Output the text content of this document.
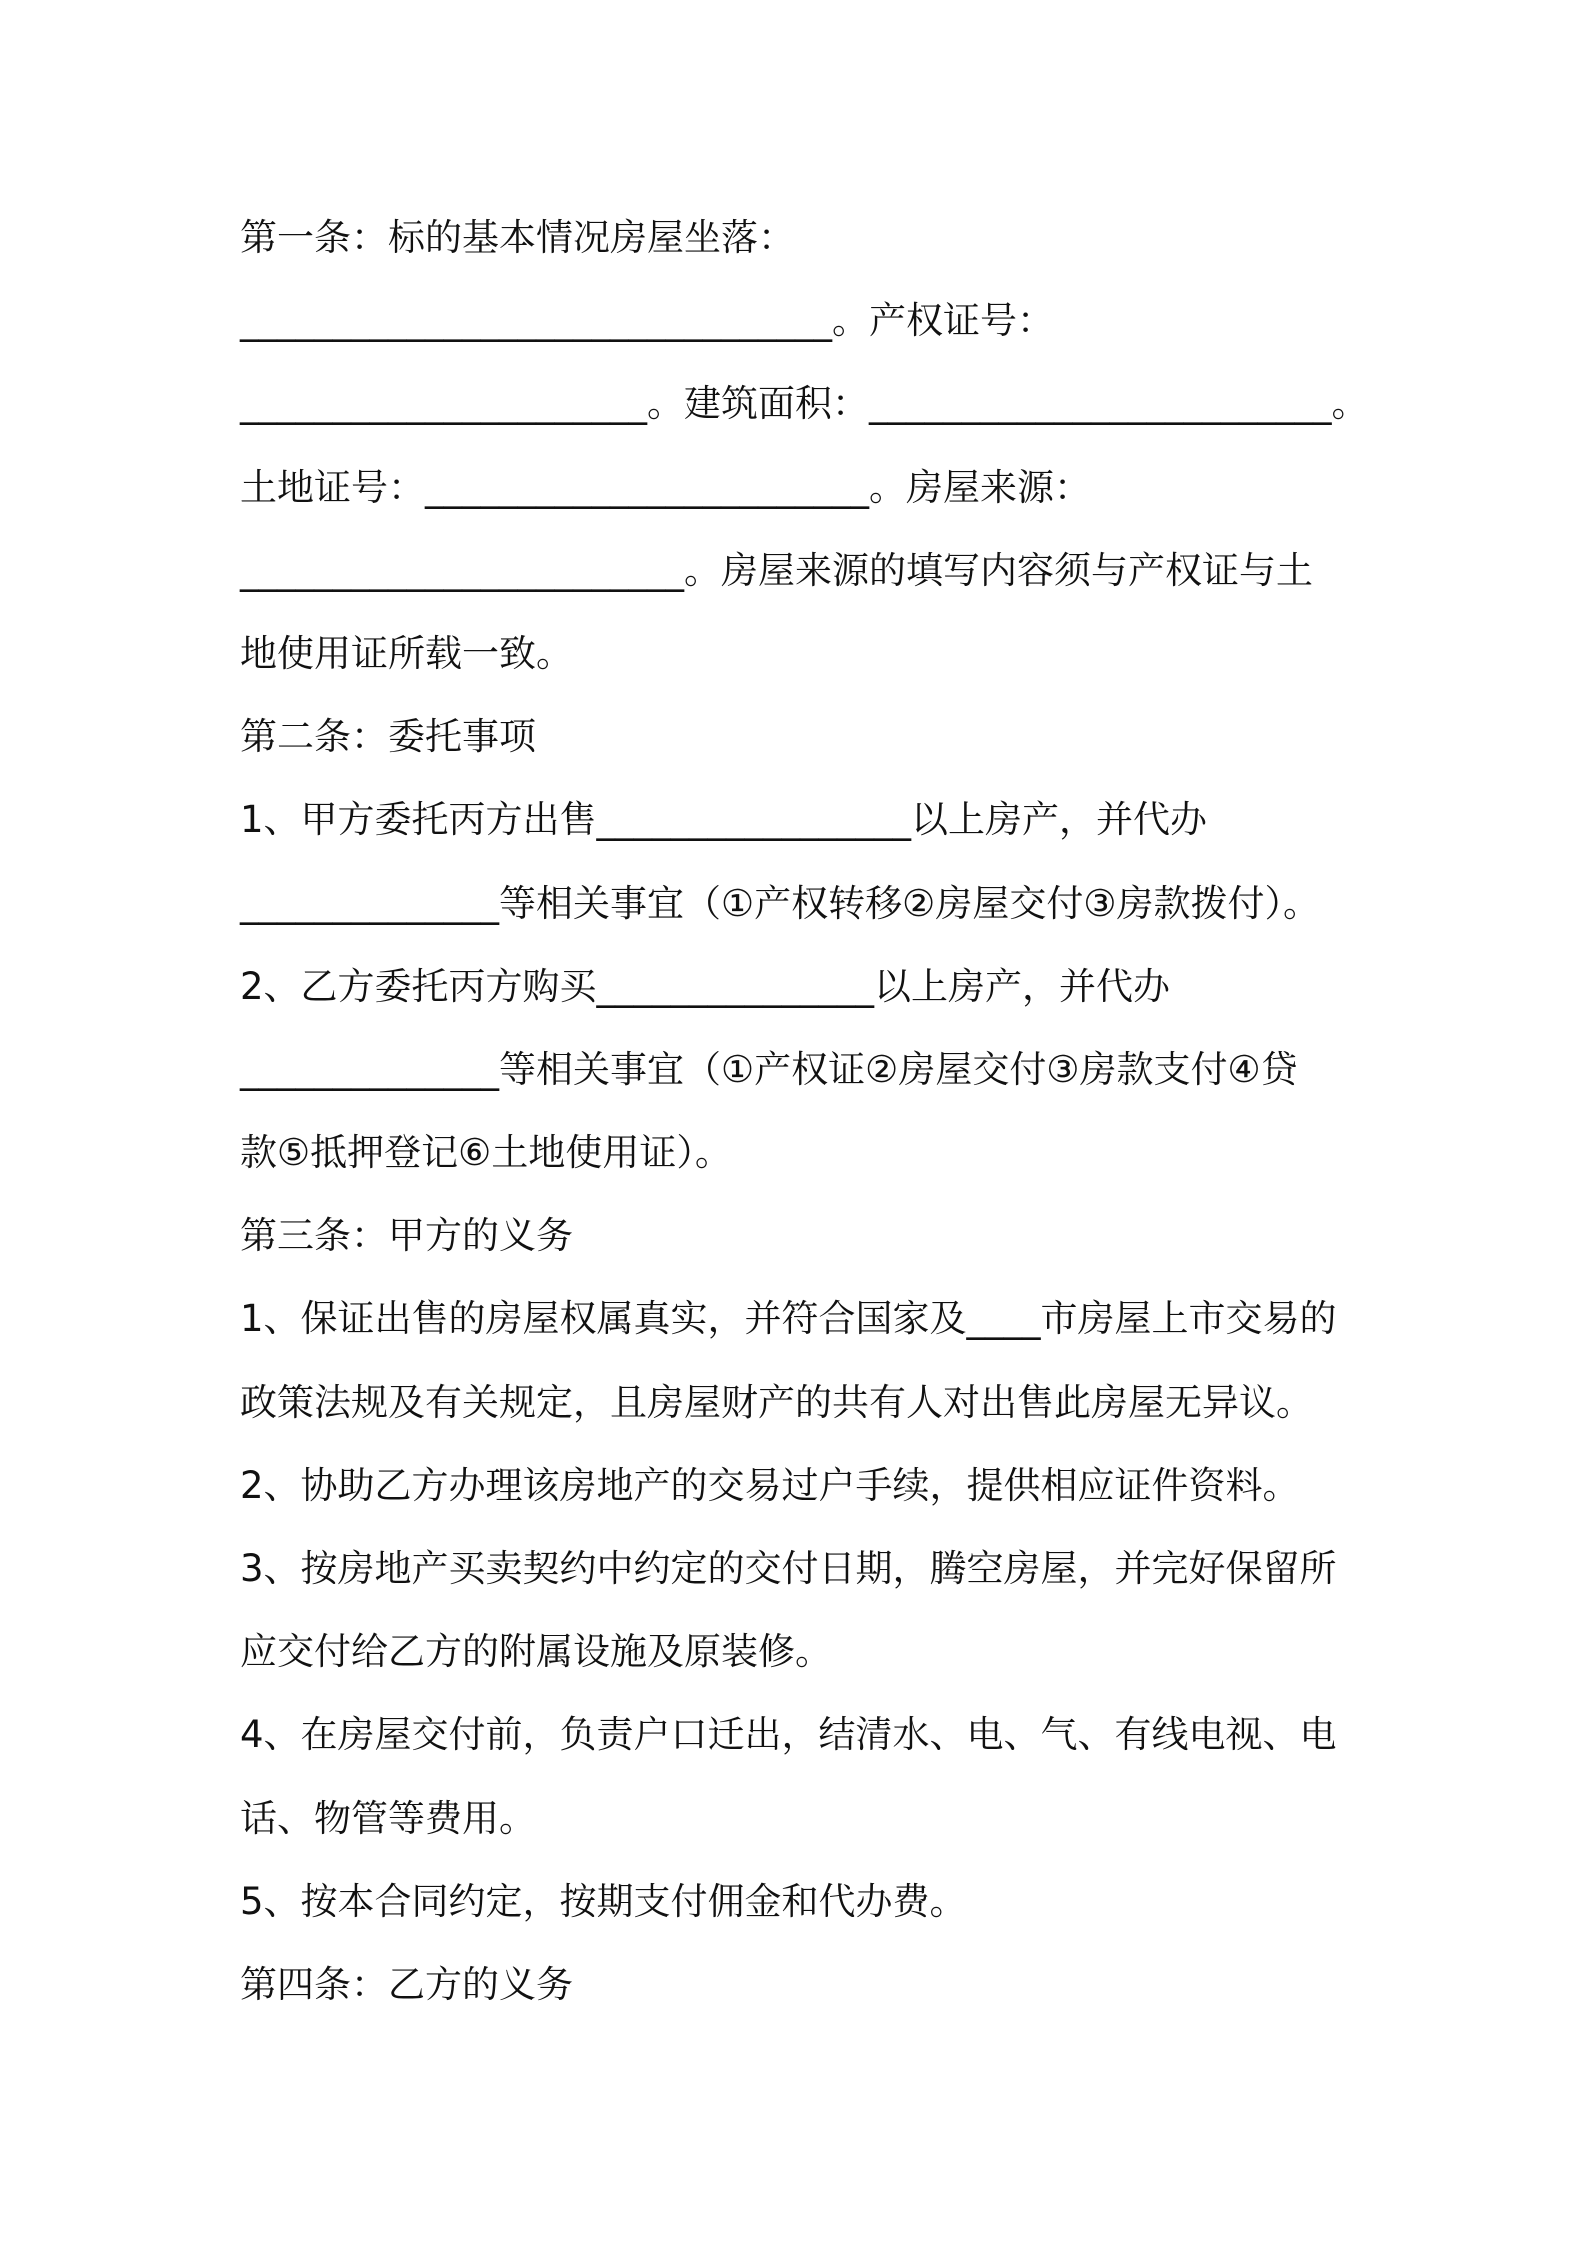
第一条：标的基本情况房屋坐落：
________________________________。产权证号：
______________________。建筑面积：_________________________。
土地证号：________________________。房屋来源：
________________________。房屋来源的填写内容须与产权证与土
地使用证所载一致。
第二条：委托事项
1、甲方委托丙方出售_________________以上房产，并代办
______________等相关事宜（①产权转移②房屋交付③房款拨付）。
2、乙方委托丙方购买_______________以上房产，并代办
______________等相关事宜（①产权证②房屋交付③房款支付④贷
款⑤抵押登记⑥土地使用证）。
第三条：甲方的义务
1、保证出售的房屋权属真实，并符合国家及____市房屋上市交易的
政策法规及有关规定，且房屋财产的共有人对出售此房屋无异议。
2、协助乙方办理该房地产的交易过户手续，提供相应证件资料。
3、按房地产买卖契约中约定的交付日期，腾空房屋，并完好保留所
应交付给乙方的附属设施及原装修。
4、在房屋交付前，负责户口迁出，结清水、电、气、有线电视、电
话、物管等费用。
5、按本合同约定，按期支付佣金和代办费。
第四条：乙方的义务
